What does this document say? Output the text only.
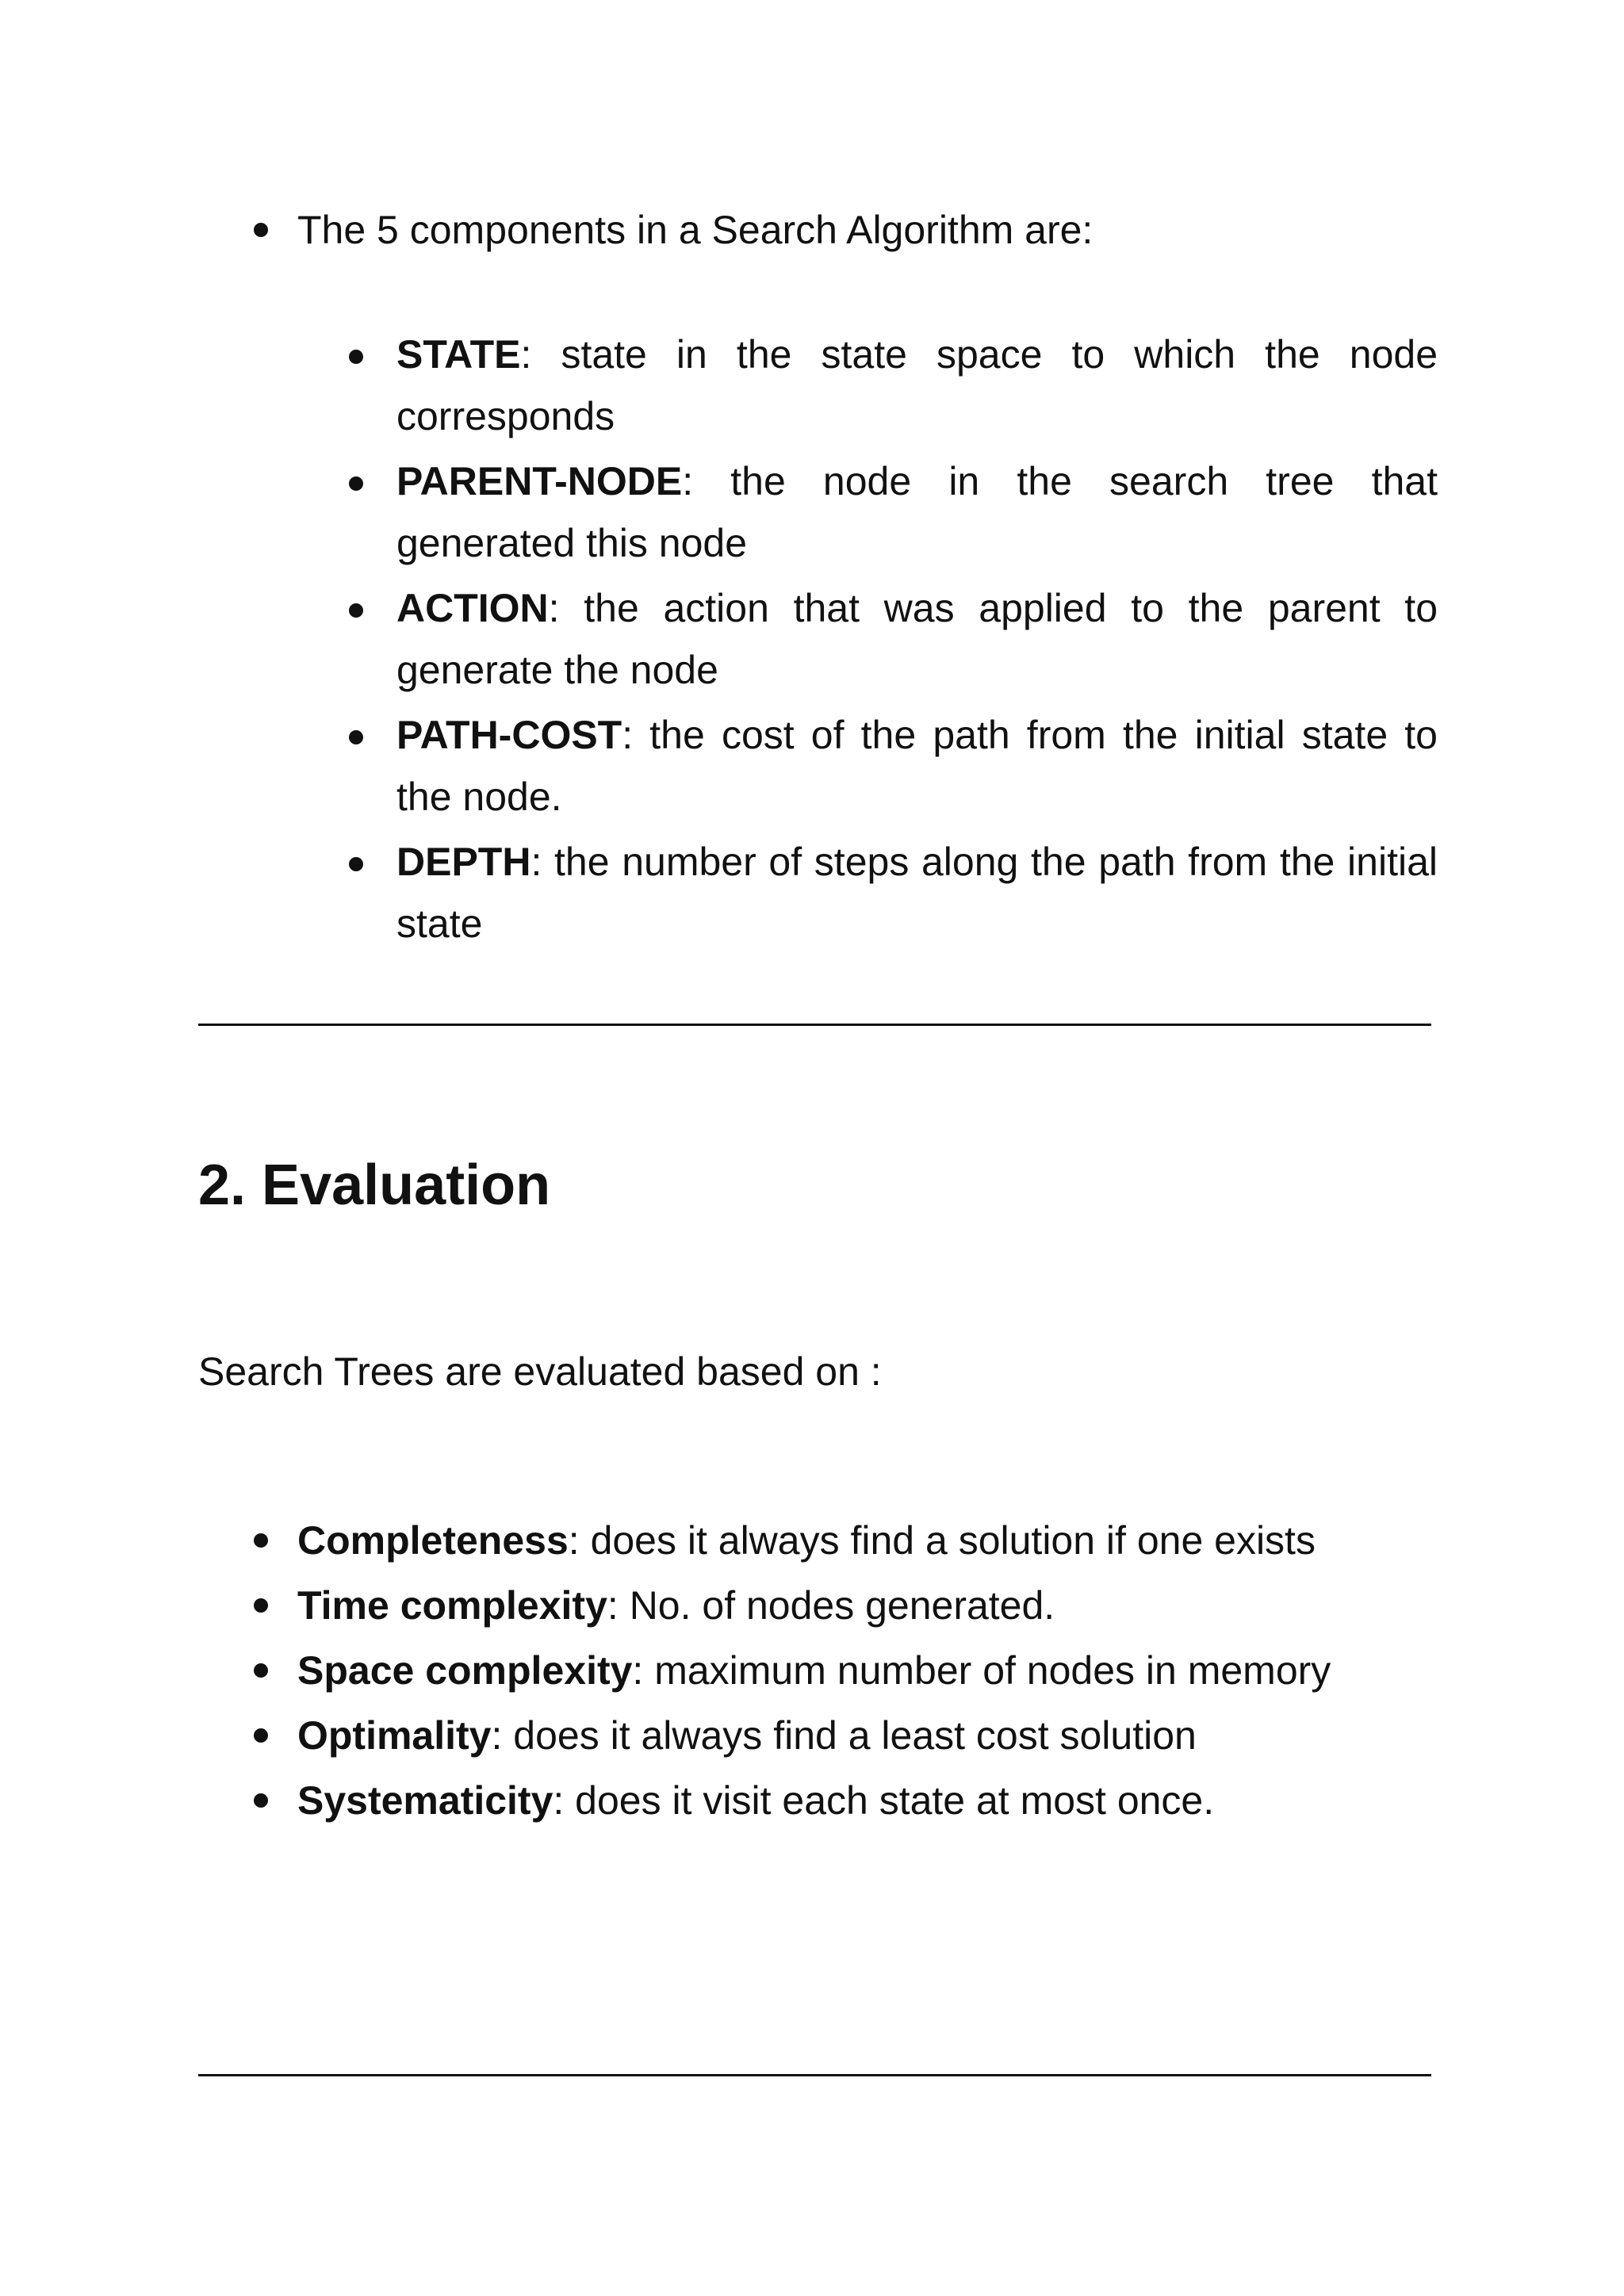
The 5 components in a Search Algorithm are:
STATE: state in the state space to which the node corresponds
PARENT-NODE: the node in the search tree that generated this node
ACTION: the action that was applied to the parent to generate the node
PATH-COST: the cost of the path from the initial state to the node.
DEPTH: the number of steps along the path from the initial state
2. Evaluation
Search Trees are evaluated based on :
Completeness: does it always find a solution if one exists
Time complexity: No. of nodes generated.
Space complexity: maximum number of nodes in memory
Optimality: does it always find a least cost solution
Systematicity: does it visit each state at most once.
